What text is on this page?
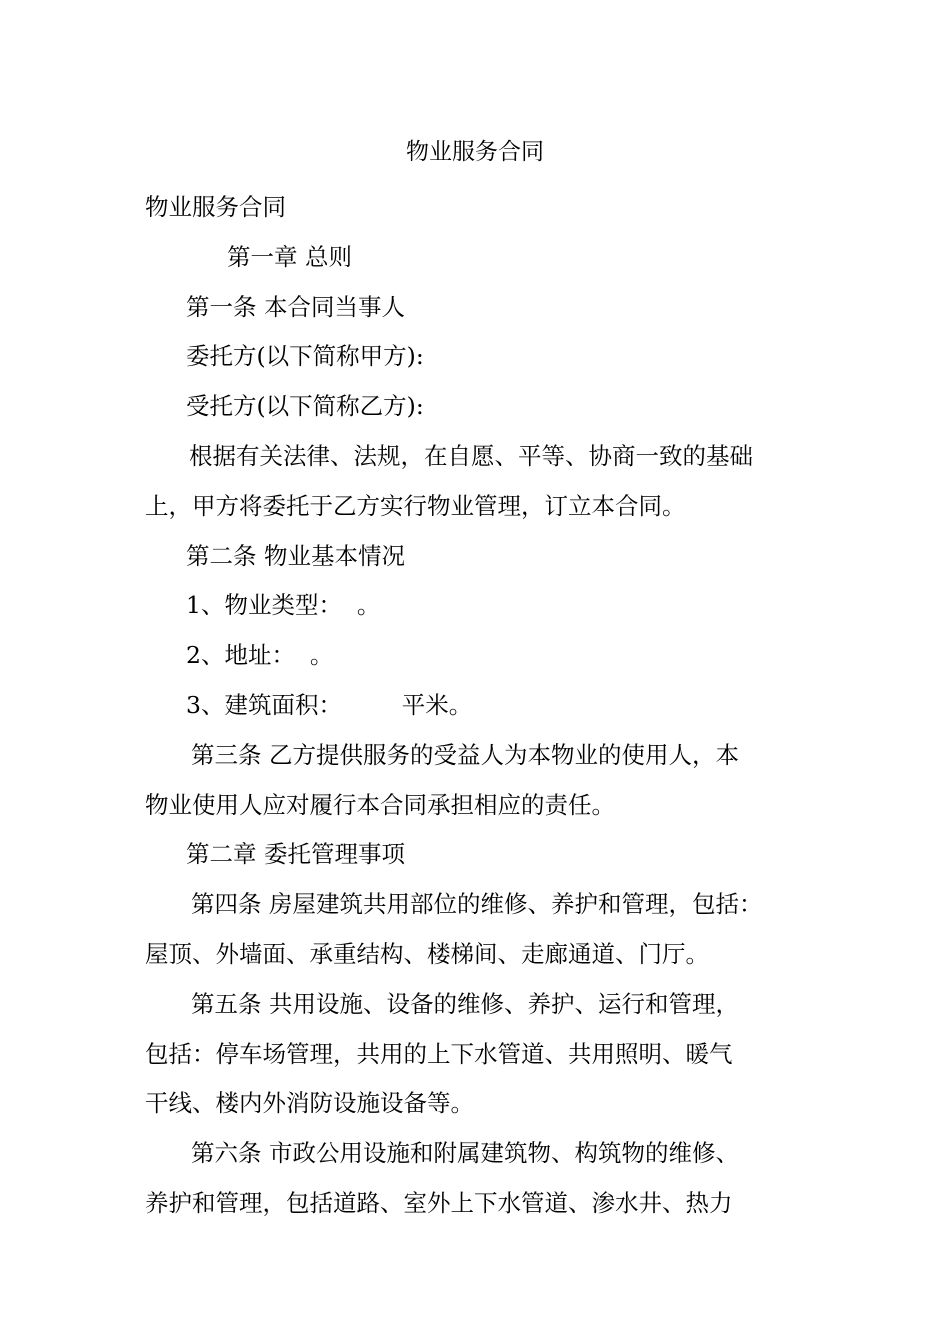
物业服务合同
物业服务合同
第一章 总则
第一条 本合同当事人
委托方(以下简称甲方):
受托方(以下简称乙方):
根据有关法律、法规，在自愿、平等、协商一致的基础
上，甲方将委托于乙方实行物业管理，订立本合同。
第二条 物业基本情况
1、物业类型：  。
2、地址：  。
3、建筑面积：        平米。
第三条 乙方提供服务的受益人为本物业的使用人，本
物业使用人应对履行本合同承担相应的责任。
第二章 委托管理事项
第四条 房屋建筑共用部位的维修、养护和管理，包括：
屋顶、外墙面、承重结构、楼梯间、走廊通道、门厅。
第五条 共用设施、设备的维修、养护、运行和管理，
包括：停车场管理，共用的上下水管道、共用照明、暖气
干线、楼内外消防设施设备等。
第六条 市政公用设施和附属建筑物、构筑物的维修、
养护和管理，包括道路、室外上下水管道、渗水井、热力
